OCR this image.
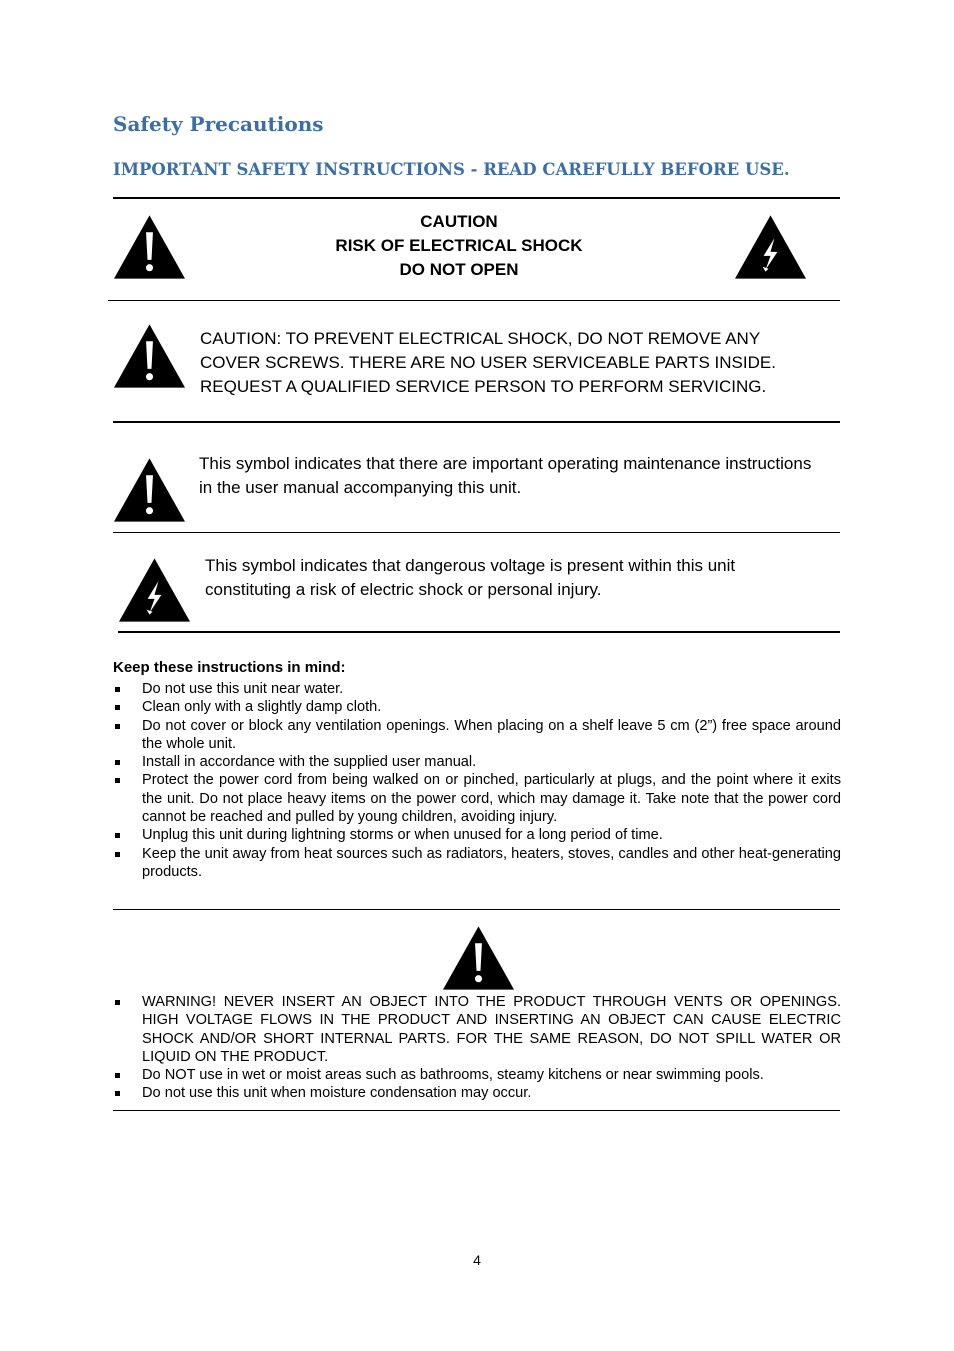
Safety Precautions
IMPORTANT SAFETY INSTRUCTIONS - READ CAREFULLY BEFORE USE.
CAUTION
RISK OF ELECTRICAL SHOCK
DO NOT OPEN
CAUTION: TO PREVENT ELECTRICAL SHOCK, DO NOT REMOVE ANY
COVER SCREWS. THERE ARE NO USER SERVICEABLE PARTS INSIDE.
REQUEST A QUALIFIED SERVICE PERSON TO PERFORM SERVICING.
This symbol indicates that there are important operating maintenance instructions
in the user manual accompanying this unit.
This symbol indicates that dangerous voltage is present within this unit
constituting a risk of electric shock or personal injury.
Keep these instructions in mind:
Do not use this unit near water.
Clean only with a slightly damp cloth.
Do not cover or block any ventilation openings. When placing on a shelf leave 5 cm (2”) free space around the whole unit.
Install in accordance with the supplied user manual.
Protect the power cord from being walked on or pinched, particularly at plugs, and the point where it exits the unit. Do not place heavy items on the power cord, which may damage it. Take note that the power cord cannot be reached and pulled by young children, avoiding injury.
Unplug this unit during lightning storms or when unused for a long period of time.
Keep the unit away from heat sources such as radiators, heaters, stoves, candles and other heat-generating products.
WARNING! NEVER INSERT AN OBJECT INTO THE PRODUCT THROUGH VENTS OR OPENINGS. HIGH VOLTAGE FLOWS IN THE PRODUCT AND INSERTING AN OBJECT CAN CAUSE ELECTRIC SHOCK AND/OR SHORT INTERNAL PARTS. FOR THE SAME REASON, DO NOT SPILL WATER OR LIQUID ON THE PRODUCT.
Do NOT use in wet or moist areas such as bathrooms, steamy kitchens or near swimming pools.
Do not use this unit when moisture condensation may occur.
4
